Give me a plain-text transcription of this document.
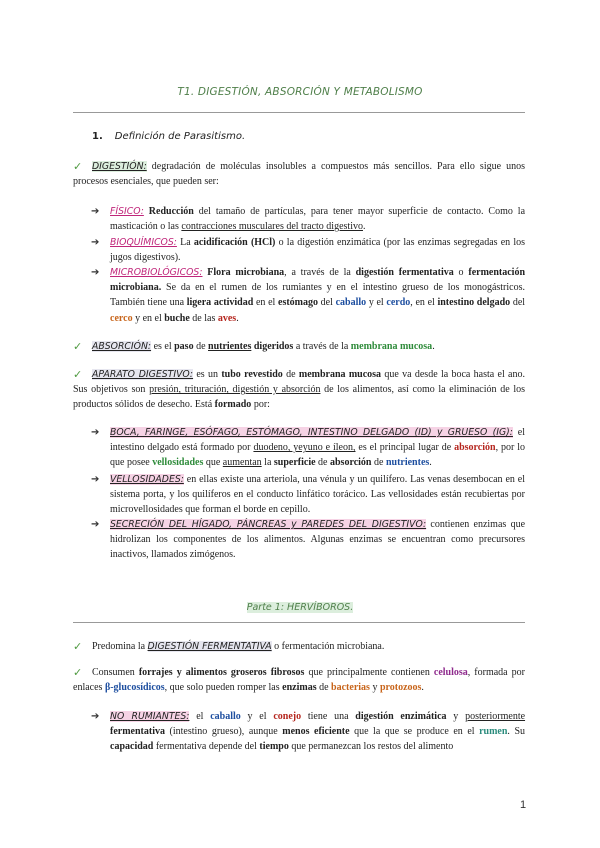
T1. DIGESTIÓN, ABSORCIÓN Y METABOLISMO
1. Definición de Parasitismo.
✓ DIGESTIÓN: degradación de moléculas insolubles a compuestos más sencillos. Para ello sigue unos procesos esenciales, que pueden ser:
➔	FÍSICO: Reducción del tamaño de partículas, para tener mayor superficie de contacto. Como la masticación o las contracciones musculares del tracto digestivo.
➔	BIOQUÍMICOS: La acidificación (HCl) o la digestión enzimática (por las enzimas segregadas en los jugos digestivos).
➔	MICROBIOLÓGICOS: Flora microbiana, a través de la digestión fermentativa o fermentación microbiana. Se da en el rumen de los rumiantes y en el intestino grueso de los monogástricos. También tiene una ligera actividad en el estómago del caballo y el cerdo, en el intestino delgado del cerco y en el buche de las aves.
✓ ABSORCIÓN: es el paso de nutrientes digeridos a través de la membrana mucosa.
✓ APARATO DIGESTIVO: es un tubo revestido de membrana mucosa que va desde la boca hasta el ano. Sus objetivos son presión, trituración, digestión y absorción de los alimentos, así como la eliminación de los productos sólidos de desecho. Está formado por:
➔	BOCA, FARINGE, ESÓFAGO, ESTÓMAGO, INTESTINO DELGADO (ID) y GRUESO (IG): el intestino delgado está formado por duodeno, yeyuno e íleon, es el principal lugar de absorción, por lo que posee vellosidades que aumentan la superficie de absorción de nutrientes.
➔	VELLOSIDADES: en ellas existe una arteriola, una vénula y un quilífero. Las venas desembocan en el sistema porta, y los quilíferos en el conducto linfático torácico. Las vellosidades están recubiertas por microvellosidades que forman el borde en cepillo.
➔	SECRECIÓN DEL HÍGADO, PÁNCREAS y PAREDES DEL DIGESTIVO: contienen enzimas que hidrolizan los componentes de los alimentos. Algunas enzimas se encuentran como precursores inactivos, llamados zimógenos.
Parte 1: HERVÍBOROS.
✓ Predomina la DIGESTIÓN FERMENTATIVA o fermentación microbiana.
✓ Consumen forrajes y alimentos groseros fibrosos que principalmente contienen celulosa, formada por enlaces β-glucosídicos, que solo pueden romper las enzimas de bacterias y protozoos.
➔	NO RUMIANTES: el caballo y el conejo tiene una digestión enzimática y posteriormente fermentativa (intestino grueso), aunque menos eficiente que la que se produce en el rumen. Su capacidad fermentativa depende del tiempo que permanezcan los restos del alimento
1
